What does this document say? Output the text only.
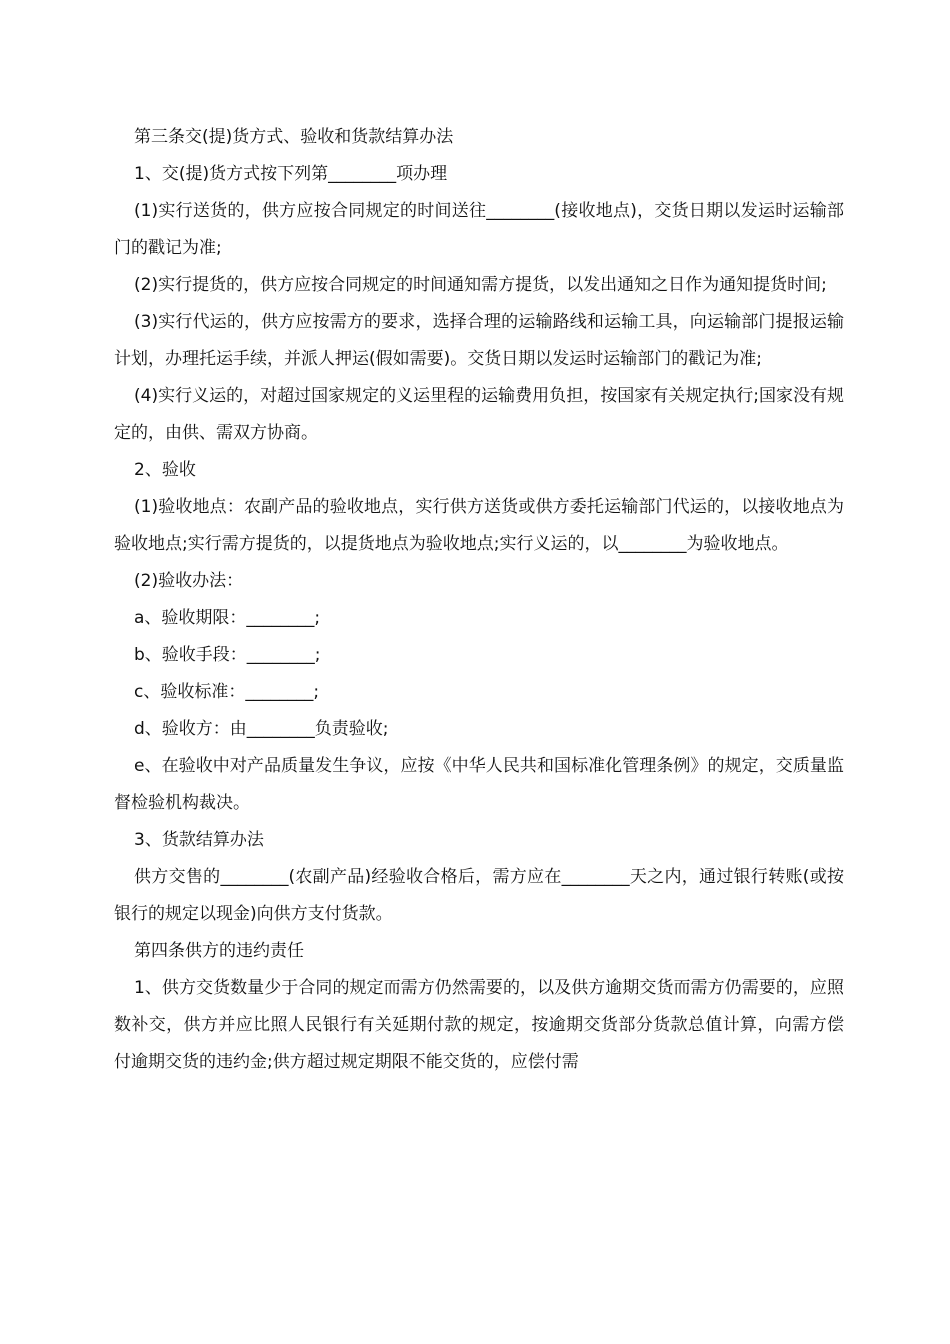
第三条交(提)货方式、验收和货款结算办法

1、交(提)货方式按下列第________项办理

(1)实行送货的，供方应按合同规定的时间送往________(接收地点)，交货日期以发运时运输部门的戳记为准;

(2)实行提货的，供方应按合同规定的时间通知需方提货，以发出通知之日作为通知提货时间;

(3)实行代运的，供方应按需方的要求，选择合理的运输路线和运输工具，向运输部门提报运输计划，办理托运手续，并派人押运(假如需要)。交货日期以发运时运输部门的戳记为准;

(4)实行义运的，对超过国家规定的义运里程的运输费用负担，按国家有关规定执行;国家没有规定的，由供、需双方协商。

2、验收

(1)验收地点：农副产品的验收地点，实行供方送货或供方委托运输部门代运的，以接收地点为验收地点;实行需方提货的，以提货地点为验收地点;实行义运的，以________为验收地点。

(2)验收办法：

a、验收期限：________;

b、验收手段：________;

c、验收标准：________;

d、验收方：由________负责验收;

e、在验收中对产品质量发生争议，应按《中华人民共和国标准化管理条例》的规定，交质量监督检验机构裁决。

3、货款结算办法

供方交售的________(农副产品)经验收合格后，需方应在________天之内，通过银行转账(或按银行的规定以现金)向供方支付货款。

第四条供方的违约责任

1、供方交货数量少于合同的规定而需方仍然需要的，以及供方逾期交货而需方仍需要的，应照数补交，供方并应比照人民银行有关延期付款的规定，按逾期交货部分货款总值计算，向需方偿付逾期交货的违约金;供方超过规定期限不能交货的，应偿付需
